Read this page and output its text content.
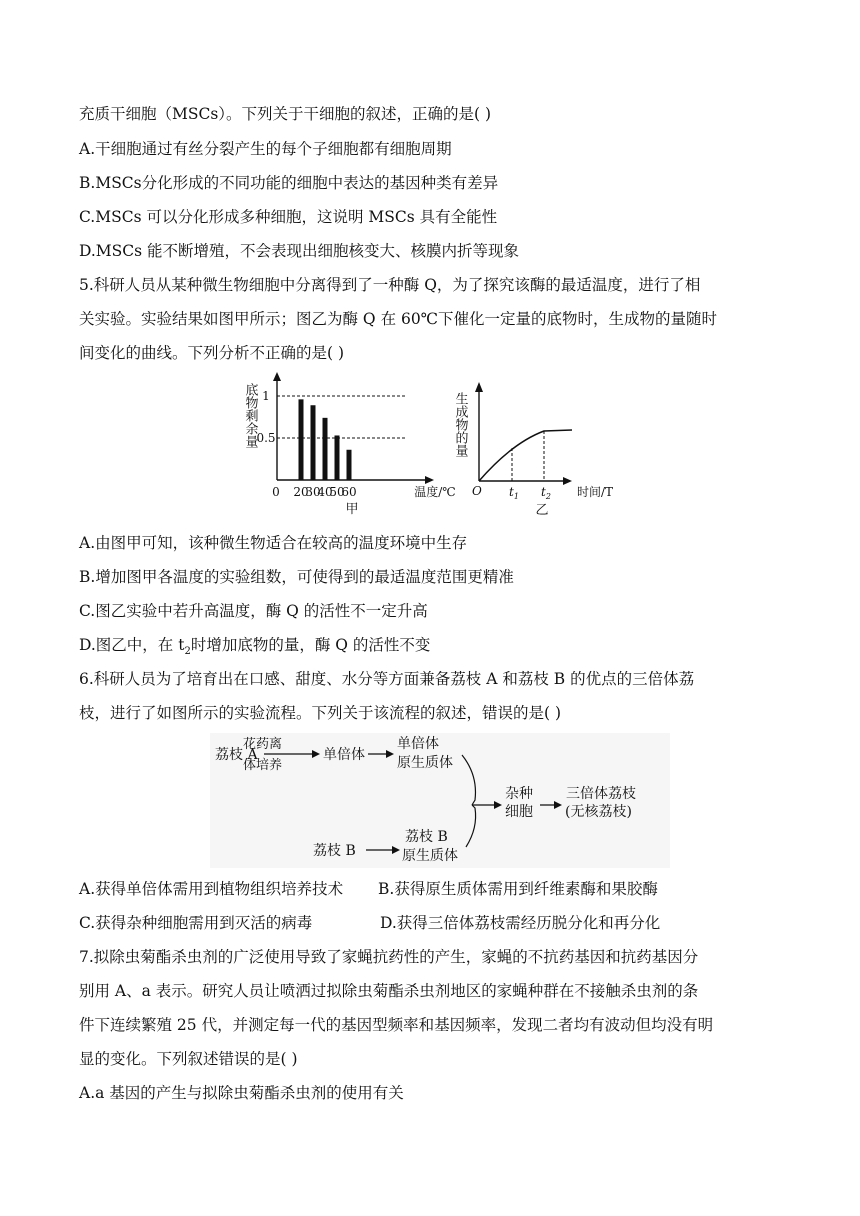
充质干细胞（MSCs）。下列关于干细胞的叙述，正确的是( )
A.干细胞通过有丝分裂产生的每个子细胞都有细胞周期
B.MSCs分化形成的不同功能的细胞中表达的基因种类有差异
C.MSCs 可以分化形成多种细胞，这说明 MSCs 具有全能性
D.MSCs 能不断增殖，不会表现出细胞核变大、核膜内折等现象
5.科研人员从某种微生物细胞中分离得到了一种酶 Q，为了探究该酶的最适温度，进行了相
关实验。实验结果如图甲所示；图乙为酶 Q 在 60℃下催化一定量的底物时，生成物的量随时
间变化的曲线。下列分析不正确的是( )
底物剩余量 1
0.5
0 20
30
40
50
60	温度/℃
甲
生成物的量
O $t_1$ $t_2$ 时间/T
乙
A.由图甲可知，该种微生物适合在较高的温度环境中生存
B.增加图甲各温度的实验组数，可使得到的最适温度范围更精准
C.图乙实验中若升高温度，酶 Q 的活性不一定升高
D.图乙中，在 $t_2$时增加底物的量，酶 Q 的活性不变
6.科研人员为了培育出在口感、甜度、水分等方面兼备荔枝 A 和荔枝 B 的优点的三倍体荔
枝，进行了如图所示的实验流程。下列关于该流程的叙述，错误的是( )
荔枝 A
花药离
体培养
单倍体
单倍体
原生质体
荔枝 B
荔枝 B
原生质体
杂种
细胞
三倍体荔枝
(无核荔枝)
A.获得单倍体需用到植物组织培养技术 B.获得原生质体需用到纤维素酶和果胶酶
C.获得杂种细胞需用到灭活的病毒	D.获得三倍体荔枝需经历脱分化和再分化
7.拟除虫菊酯杀虫剂的广泛使用导致了家蝇抗药性的产生，家蝇的不抗药基因和抗药基因分
别用 A、a 表示。研究人员让喷洒过拟除虫菊酯杀虫剂地区的家蝇种群在不接触杀虫剂的条
件下连续繁殖 25 代，并测定每一代的基因型频率和基因频率，发现二者均有波动但均没有明
显的变化。下列叙述错误的是( )
A.a 基因的产生与拟除虫菊酯杀虫剂的使用有关
